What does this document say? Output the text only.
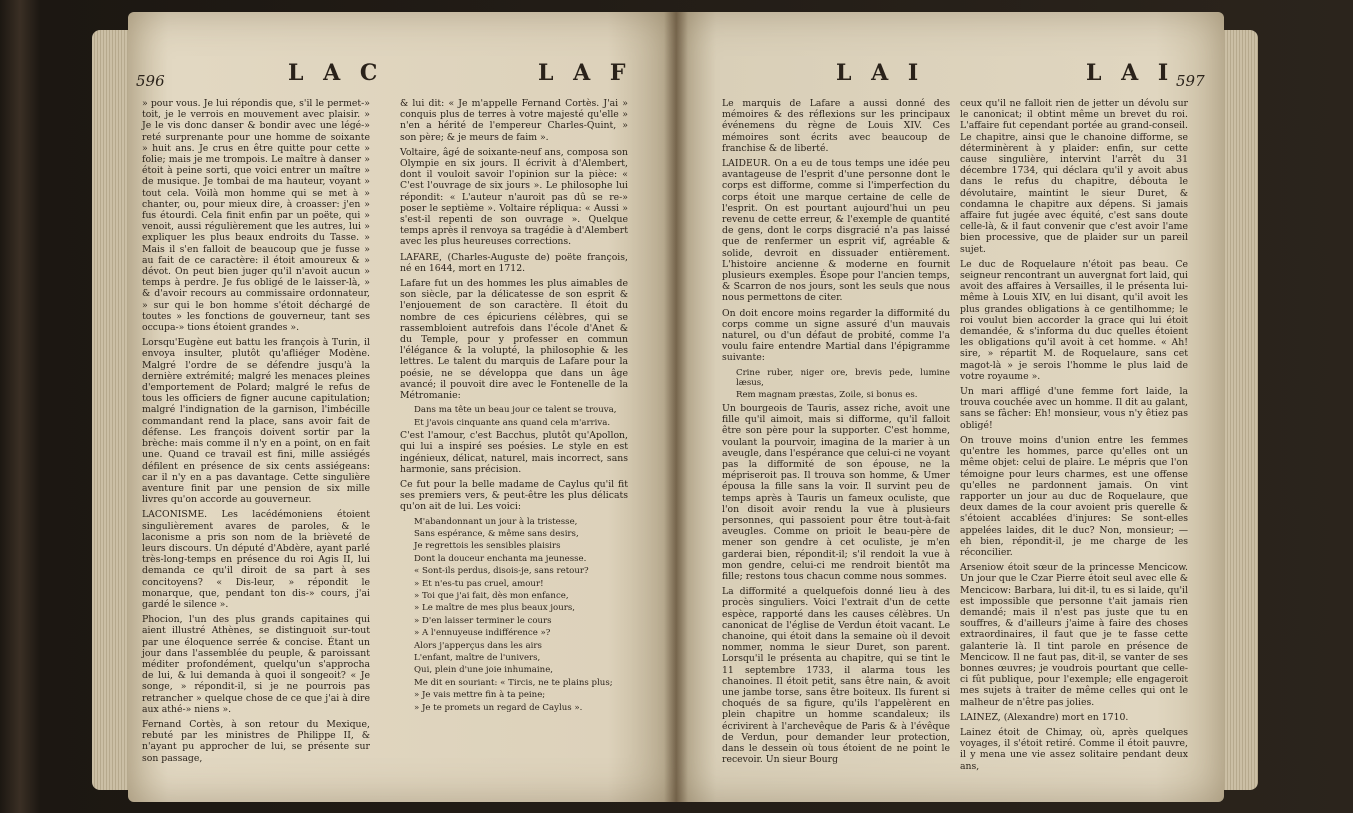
596	L A C	L A F

» pour vous. Je lui répondis que, s'il le permet-» toit, je le verrois en mouvement avec plaisir. » Je le vis donc danser & bondir avec une légé-» reté surprenante pour une homme de soixante » huit ans. Je crus en être quitte pour cette » folie; mais je me trompois. Le maître à danser » étoit à peine sorti, que voici entrer un maître » de musique. Je tombai de ma hauteur, voyant » tout cela. Voilà mon homme qui se met à » chanter, ou, pour mieux dire, à croasser: j'en » fus étourdi. Cela finit enfin par un poëte, qui » venoit, aussi régulièrement que les autres, lui » expliquer les plus beaux endroits du Tasse. » Mais il s'en falloit de beaucoup que je fusse » au fait de ce caractère: il étoit amoureux & » dévot. On peut bien juger qu'il n'avoit aucun » temps à perdre. Je fus obligé de le laisser-là, » & d'avoir recours au commissaire ordonnateur, » sur qui le bon homme s'étoit déchargé de toutes » les fonctions de gouverneur, tant ses occupa-» tions étoient grandes ».

Lorsqu'Eugène eut battu les françois à Turin, il envoya insulter, plutôt qu'afliéger Modène. Malgré l'ordre de se défendre jusqu'à la dernière extrémité; malgré les menaces pleines d'emportement de Polard; malgré le refus de tous les officiers de figner aucune capitulation; malgré l'indignation de la garnison, l'imbécille commandant rend la place, sans avoir fait de défense. Les françois doivent sortir par la brèche: mais comme il n'y en a point, on en fait une. Quand ce travail est fini, mille assiégés défilent en présence de six cents assiégeans: car il n'y en a pas davantage. Cette singulière aventure finit par une pension de six mille livres qu'on accorde au gouverneur.

LACONISME. Les lacédémoniens étoient singulièrement avares de paroles, & le laconisme a pris son nom de la brièveté de leurs discours. Un député d'Abdère, ayant parlé très-long-temps en présence du roi Agis II, lui demanda ce qu'il diroit de sa part à ses concitoyens? « Dis-leur, » répondit le monarque, que, pendant ton dis-» cours, j'ai gardé le silence ».

Phocion, l'un des plus grands capitaines qui aient illustré Athènes, se distinguoit sur-tout par une éloquence serrée & concise. Étant un jour dans l'assemblée du peuple, & paroissant méditer profondément, quelqu'un s'approcha de lui, & lui demanda à quoi il songeoit? « Je songe, » répondit-il, si je ne pourrois pas retrancher » quelque chose de ce que j'ai à dire aux athé-» niens ».

Fernand Cortès, à son retour du Mexique, rebuté par les ministres de Philippe II, & n'ayant pu approcher de lui, se présente sur son passage,

& lui dit: « Je m'appelle Fernand Cortès. J'ai » conquis plus de terres à votre majesté qu'elle » n'en a hérité de l'empereur Charles-Quint, » son père; & je meurs de faim ».

Voltaire, âgé de soixante-neuf ans, composa son Olympie en six jours. Il écrivit à d'Alembert, dont il vouloit savoir l'opinion sur la pièce: « C'est l'ouvrage de six jours ». Le philosophe lui répondit: « L'auteur n'auroit pas dû se re-» poser le septième ». Voltaire répliqua: « Aussi » s'est-il repenti de son ouvrage ». Quelque temps après il renvoya sa tragédie à d'Alembert avec les plus heureuses corrections.

LAFARE, (Charles-Auguste de) poëte françois, né en 1644, mort en 1712.

Lafare fut un des hommes les plus aimables de son siècle, par la délicatesse de son esprit & l'enjouement de son caractère. Il étoit du nombre de ces épicuriens célèbres, qui se rassembloient autrefois dans l'école d'Anet & du Temple, pour y professer en commun l'élégance & la volupté, la philosophie & les lettres. Le talent du marquis de Lafare pour la poésie, ne se développa que dans un âge avancé; il pouvoit dire avec le Fontenelle de la Métromanie:

Dans ma tête un beau jour ce talent se trouva,
Et j'avois cinquante ans quand cela m'arriva.

C'est l'amour, c'est Bacchus, plutôt qu'Apollon, qui lui a inspiré ses poésies. Le style en est ingénieux, délicat, naturel, mais incorrect, sans harmonie, sans précision.

Ce fut pour la belle madame de Caylus qu'il fit ses premiers vers, & peut-être les plus délicats qu'on ait de lui. Les voici:

M'abandonnant un jour à la tristesse,
Sans espérance, & même sans desirs,
Je regrettois les sensibles plaisirs
Dont la douceur enchanta ma jeunesse.
« Sont-ils perdus, disois-je, sans retour?
» Et n'es-tu pas cruel, amour!
» Toi que j'ai fait, dès mon enfance,
» Le maître de mes plus beaux jours,
» D'en laisser terminer le cours
» A l'ennuyeuse indifférence »?
Alors j'apperçus dans les airs
L'enfant, maître de l'univers,
Qui, plein d'une joie inhumaine,
Me dit en souriant: « Tircis, ne te plains plus;
» Je vais mettre fin à ta peine;
» Je te promets un regard de Caylus ».
L A I	L A I 597

Le marquis de Lafare a aussi donné des mémoires & des réflexions sur les principaux événemens du règne de Louis XIV. Ces mémoires sont écrits avec beaucoup de franchise & de liberté.

LAIDEUR. On a eu de tous temps une idée peu avantageuse de l'esprit d'une personne dont le corps est difforme, comme si l'imperfection du corps étoit une marque certaine de celle de l'esprit. On est pourtant aujourd'hui un peu revenu de cette erreur, & l'exemple de quantité de gens, dont le corps disgracié n'a pas laissé que de renfermer un esprit vif, agréable & solide, devroit en dissuader entièrement. L'histoire ancienne & moderne en fournit plusieurs exemples. Ésope pour l'ancien temps, & Scarron de nos jours, sont les seuls que nous nous permettons de citer.

On doit encore moins regarder la difformité du corps comme un signe assuré d'un mauvais naturel, ou d'un défaut de probité, comme l'a voulu faire entendre Martial dans l'épigramme suivante:

Crine ruber, niger ore, brevis pede, lumine læsus,
Rem magnam præstas, Zoile, si bonus es.

Un bourgeois de Tauris, assez riche, avoit une fille qu'il aimoit, mais si difforme, qu'il falloit être son père pour la supporter. C'est homme, voulant la pourvoir, imagina de la marier à un aveugle, dans l'espérance que celui-ci ne voyant pas la difformité de son épouse, ne la mépriseroit pas. Il trouva son homme, & Umer épousa la fille sans la voir. Il survint peu de temps après à Tauris un fameux oculiste, que l'on disoit avoir rendu la vue à plusieurs personnes, qui passoient pour être tout-à-fait aveugles. Comme on prioit le beau-père de mener son gendre à cet oculiste, je m'en garderai bien, répondit-il; s'il rendoit la vue à mon gendre, celui-ci me rendroit bientôt ma fille; restons tous chacun comme nous sommes.

La difformité a quelquefois donné lieu à des procès singuliers. Voici l'extrait d'un de cette espèce, rapporté dans les causes célèbres. Un canonicat de l'église de Verdun étoit vacant. Le chanoine, qui étoit dans la semaine où il devoit nommer, nomma le sieur Duret, son parent. Lorsqu'il le présenta au chapitre, qui se tint le 11 septembre 1733, il alarma tous les chanoines. Il étoit petit, sans être nain, & avoit une jambe torse, sans être boiteux. Ils furent si choqués de sa figure, qu'ils l'appelèrent en plein chapitre un homme scandaleux; ils écrivirent à l'archevêque de Paris & à l'évêque de Verdun, pour demander leur protection, dans le dessein où tous étoient de ne point le recevoir. Un sieur Bourg

ceux qu'il ne falloit rien de jetter un dévolu sur le canonicat; il obtint même un brevet du roi. L'affaire fut cependant portée au grand-conseil. Le chapitre, ainsi que le chanoine difforme, se déterminèrent à y plaider: enfin, sur cette cause singulière, intervint l'arrêt du 31 décembre 1734, qui déclara qu'il y avoit abus dans le refus du chapitre, débouta le dévolutaire, maintint le sieur Duret, & condamna le chapitre aux dépens. Si jamais affaire fut jugée avec équité, c'est sans doute celle-là, & il faut convenir que c'est avoir l'ame bien processive, que de plaider sur un pareil sujet.

Le duc de Roquelaure n'étoit pas beau. Ce seigneur rencontrant un auvergnat fort laid, qui avoit des affaires à Versailles, il le présenta lui-même à Louis XIV, en lui disant, qu'il avoit les plus grandes obligations à ce gentilhomme; le roi voulut bien accorder la grace qui lui étoit demandée, & s'informa du duc quelles étoient les obligations qu'il avoit à cet homme. « Ah! sire, » répartit M. de Roquelaure, sans cet magot-là » je serois l'homme le plus laid de votre royaume ».

Un mari affligé d'une femme fort laide, la trouva couchée avec un homme. Il dit au galant, sans se fâcher: Eh! monsieur, vous n'y êtiez pas obligé!

On trouve moins d'union entre les femmes qu'entre les hommes, parce qu'elles ont un même objet: celui de plaire. Le mépris que l'on témoigne pour leurs charmes, est une offense qu'elles ne pardonnent jamais. On vint rapporter un jour au duc de Roquelaure, que deux dames de la cour avoient pris querelle & s'étoient accablées d'injures: Se sont-elles appelées laides, dit le duc? Non, monsieur; — eh bien, répondit-il, je me charge de les réconcilier.

Arseniow étoit sœur de la princesse Mencicow. Un jour que le Czar Pierre étoit seul avec elle & Mencicow: Barbara, lui dit-il, tu es si laide, qu'il est impossible que personne t'ait jamais rien demandé; mais il n'est pas juste que tu en souffres, & d'ailleurs j'aime à faire des choses extraordinaires, il faut que je te fasse cette galanterie là. Il tint parole en présence de Mencicow. Il ne faut pas, dit-il, se vanter de ses bonnes œuvres; je voudrois pourtant que celle-ci fût publique, pour l'exemple; elle engageroit mes sujets à traiter de même celles qui ont le malheur de n'être pas jolies.

LAINEZ, (Alexandre) mort en 1710.

Lainez étoit de Chimay, où, après quelques voyages, il s'étoit retiré. Comme il étoit pauvre, il y mena une vie assez solitaire pendant deux ans,
